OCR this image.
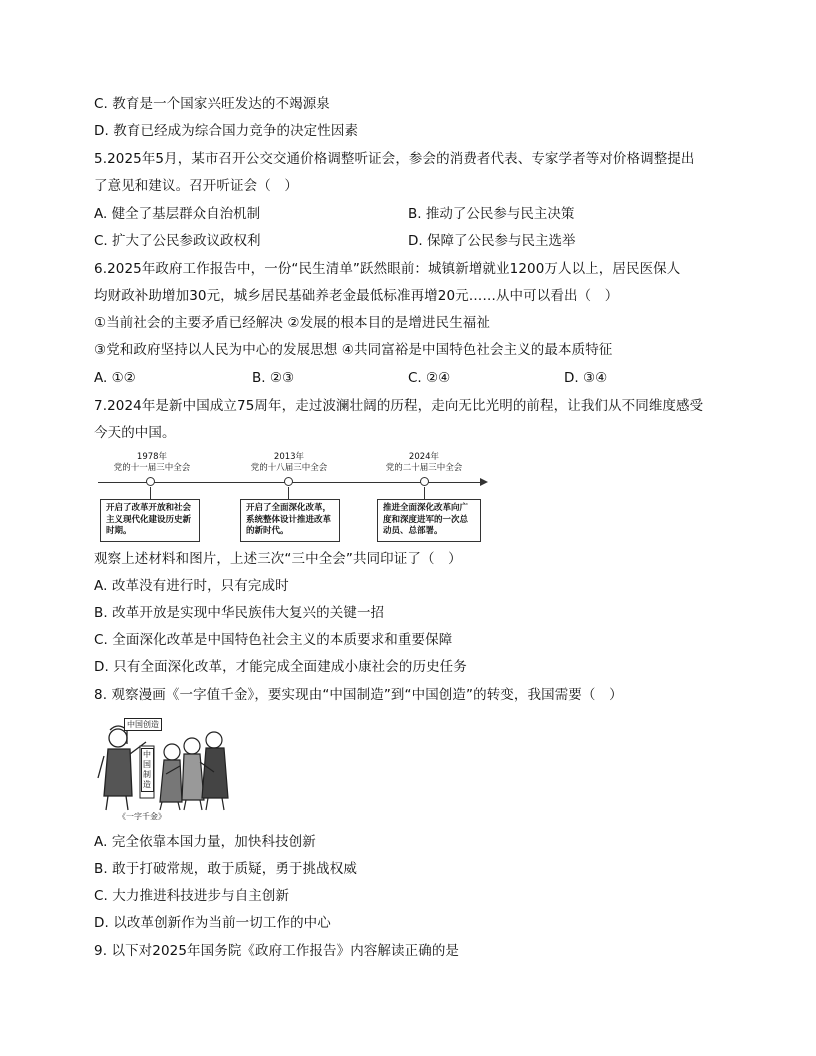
C. 教育是一个国家兴旺发达的不竭源泉
D. 教育已经成为综合国力竞争的决定性因素
5.2025年5月，某市召开公交交通价格调整听证会，参会的消费者代表、专家学者等对价格调整提出
了意见和建议。召开听证会（　）
A. 健全了基层群众自治机制	B. 推动了公民参与民主决策
C. 扩大了公民参政议政权利	D. 保障了公民参与民主选举
6.2025年政府工作报告中，一份“民生清单”跃然眼前：城镇新增就业1200万人以上，居民医保人
均财政补助增加30元，城乡居民基础养老金最低标准再增20元……从中可以看出（　）
①当前社会的主要矛盾已经解决 ②发展的根本目的是增进民生福祉
③党和政府坚持以人民为中心的发展思想 ④共同富裕是中国特色社会主义的最本质特征
A. ①②	B. ②③	C. ②④	D. ③④
7.2024年是新中国成立75周年，走过波澜壮阔的历程，走向无比光明的前程，让我们从不同维度感受
今天的中国。
1978年
党的十一届三中全会
开启了改革开放和社会主义现代化建设历史新时期。
2013年
党的十八届三中全会
开启了全面深化改革，系统整体设计推进改革的新时代。
2024年
党的二十届三中全会
推进全面深化改革向广度和深度进军的一次总动员、总部署。
观察上述材料和图片，上述三次“三中全会”共同印证了（　）
A. 改革没有进行时，只有完成时
B. 改革开放是实现中华民族伟大复兴的关键一招
C. 全面深化改革是中国特色社会主义的本质要求和重要保障
D. 只有全面深化改革，才能完成全面建成小康社会的历史任务
8. 观察漫画《一字值千金》，要实现由“中国制造”到“中国创造”的转变，我国需要（　）
中国创造
中国制造
《一字千金》
A. 完全依靠本国力量，加快科技创新
B. 敢于打破常规，敢于质疑，勇于挑战权威
C. 大力推进科技进步与自主创新
D. 以改革创新作为当前一切工作的中心
9. 以下对2025年国务院《政府工作报告》内容解读正确的是
